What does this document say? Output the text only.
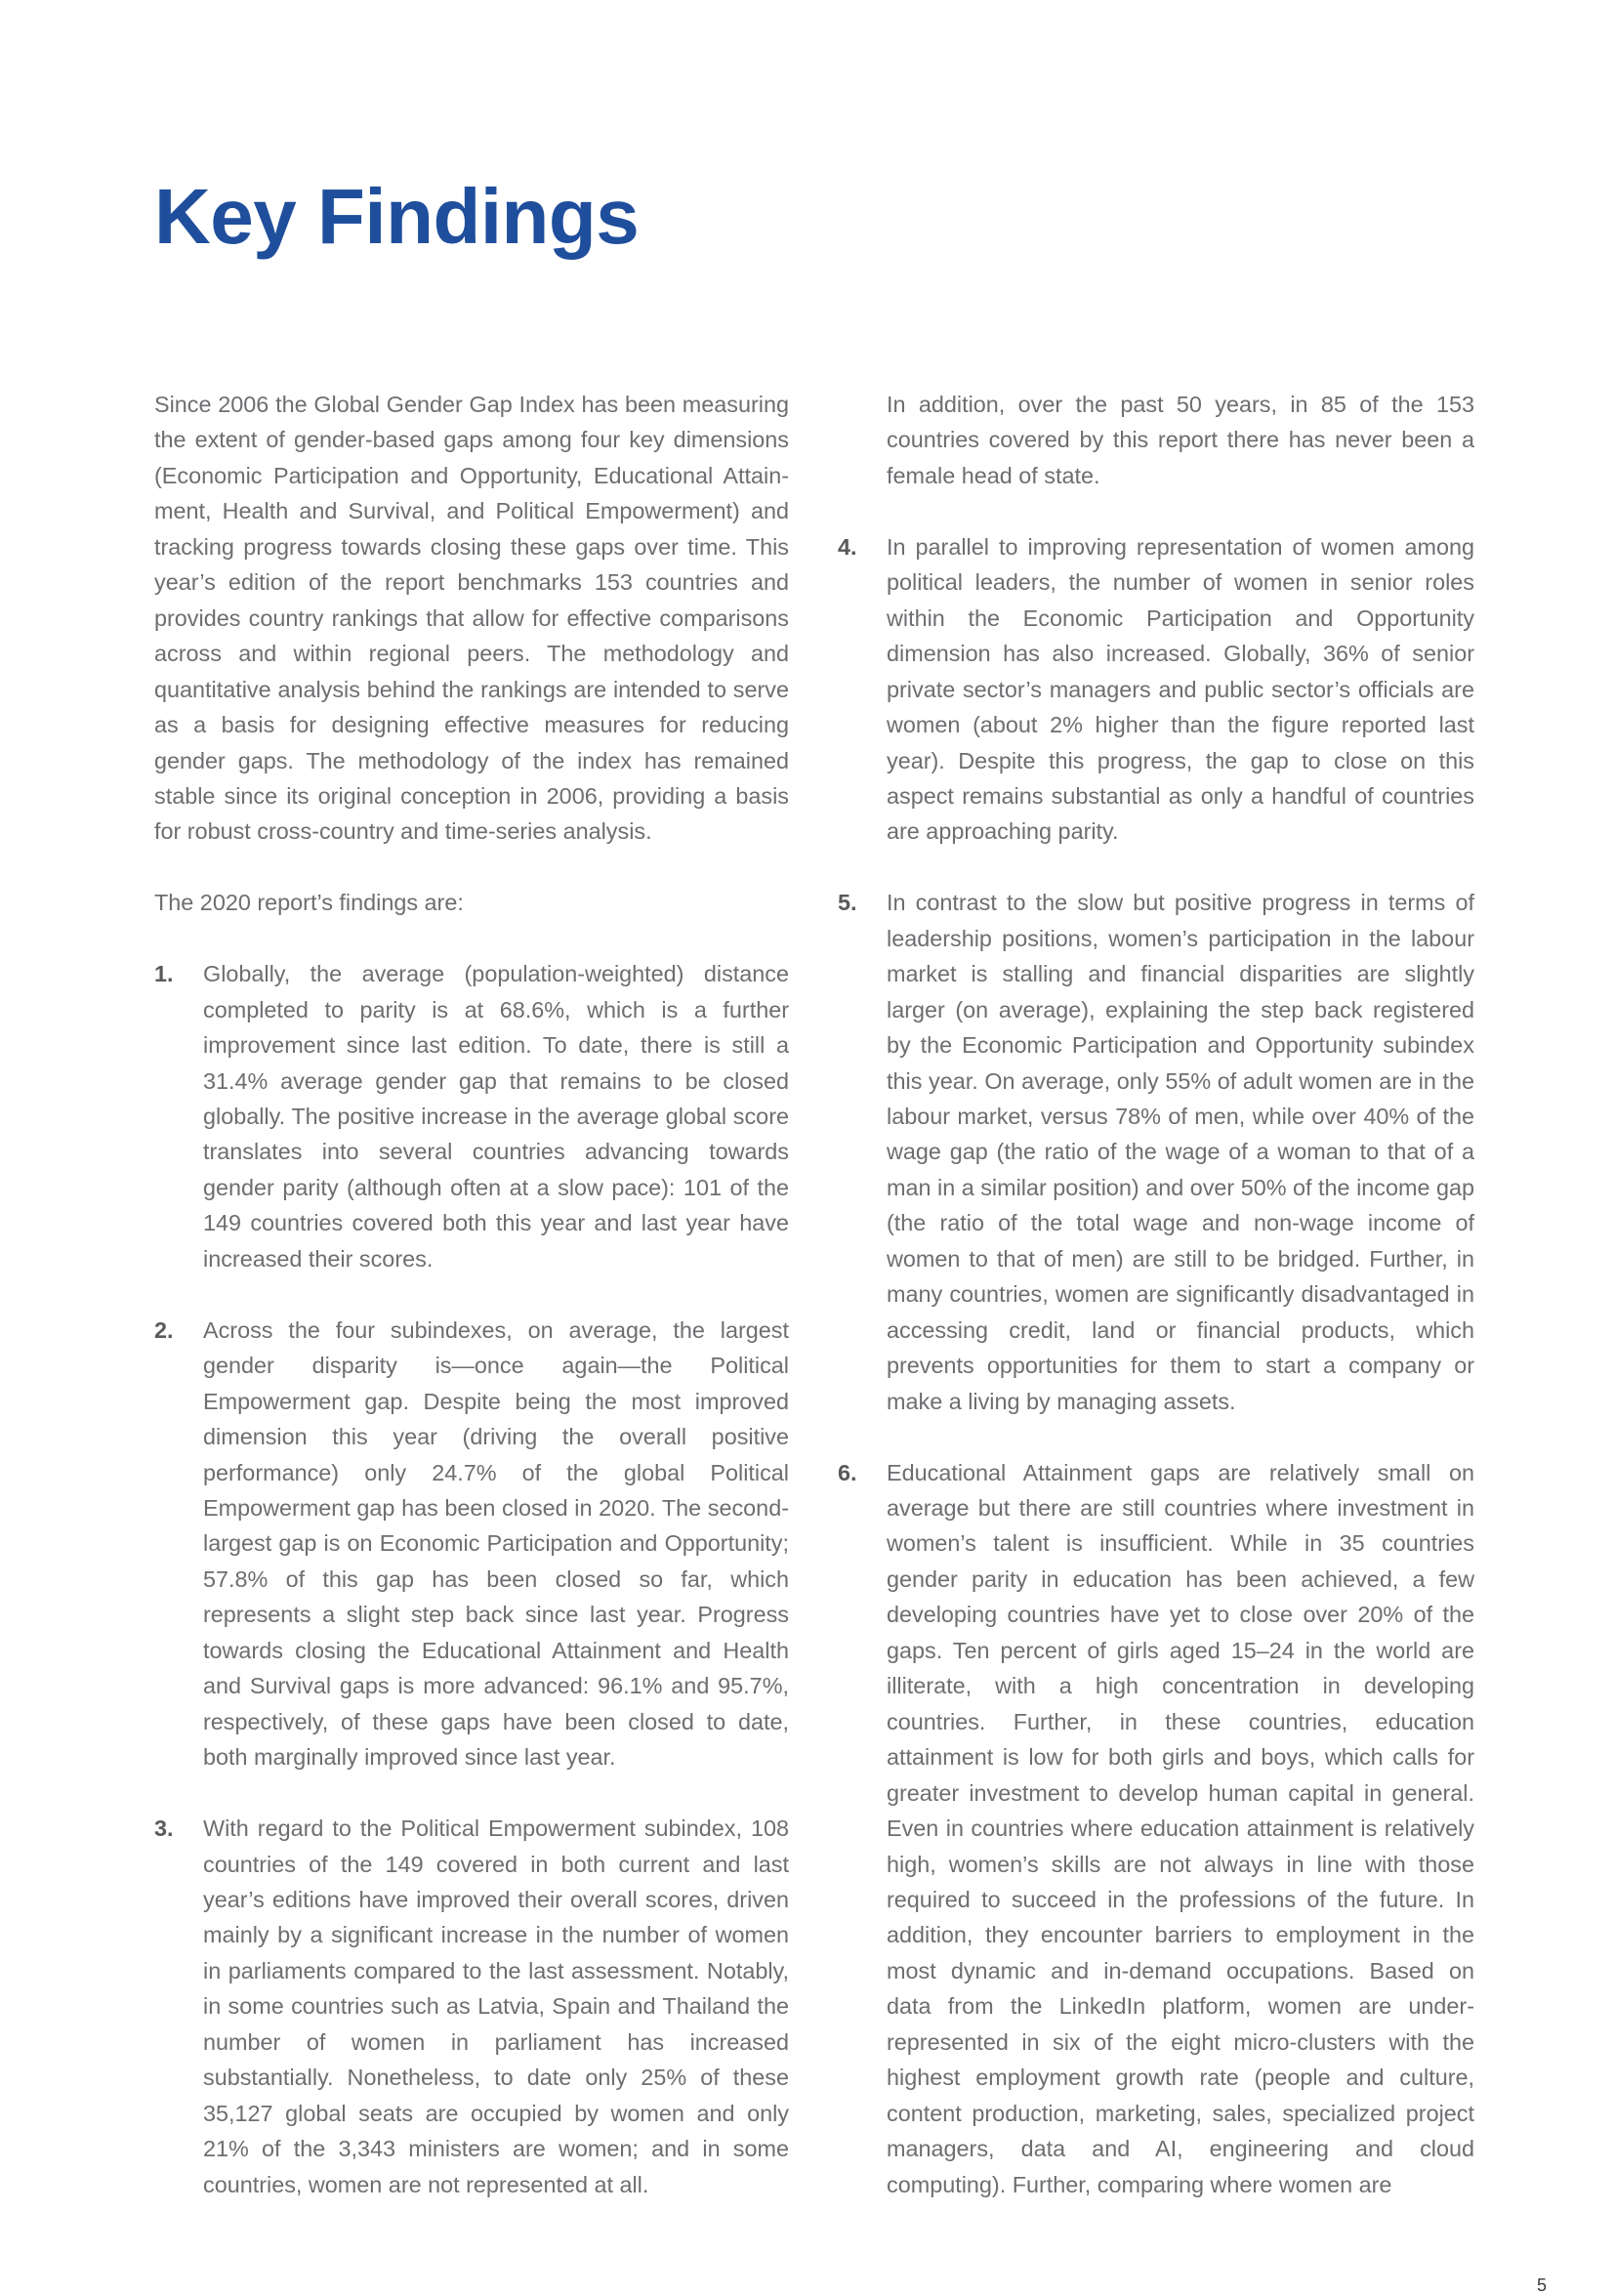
Key Findings

Since 2006 the Global Gender Gap Index has been measuring the extent of gender-based gaps among four key dimensions (Economic Participation and Opportunity, Educational Attainment, Health and Survival, and Political Empowerment) and tracking progress towards closing these gaps over time. This year’s edition of the report benchmarks 153 countries and provides country rankings that allow for effective comparisons across and within regional peers. The methodology and quantitative analysis behind the rankings are intended to serve as a basis for designing effective measures for reducing gender gaps. The methodology of the index has remained stable since its original conception in 2006, providing a basis for robust cross-country and time-series analysis.

The 2020 report’s findings are:

1. Globally, the average (population-weighted) distance completed to parity is at 68.6%, which is a further improvement since last edition. To date, there is still a 31.4% average gender gap that remains to be closed globally. The positive increase in the average global score translates into several countries advancing towards gender parity (although often at a slow pace): 101 of the 149 countries covered both this year and last year have increased their scores.

2. Across the four subindexes, on average, the largest gender disparity is—once again—the Political Empowerment gap. Despite being the most improved dimension this year (driving the overall positive performance) only 24.7% of the global Political Empowerment gap has been closed in 2020. The second-largest gap is on Economic Participation and Opportunity; 57.8% of this gap has been closed so far, which represents a slight step back since last year. Progress towards closing the Educational Attainment and Health and Survival gaps is more advanced: 96.1% and 95.7%, respectively, of these gaps have been closed to date, both marginally improved since last year.

3. With regard to the Political Empowerment subindex, 108 countries of the 149 covered in both current and last year’s editions have improved their overall scores, driven mainly by a significant increase in the number of women in parliaments compared to the last assessment. Notably, in some countries such as Latvia, Spain and Thailand the number of women in parliament has increased substantially. Nonetheless, to date only 25% of these 35,127 global seats are occupied by women and only 21% of the 3,343 ministers are women; and in some countries, women are not represented at all.

In addition, over the past 50 years, in 85 of the 153 countries covered by this report there has never been a female head of state.

4. In parallel to improving representation of women among political leaders, the number of women in senior roles within the Economic Participation and Opportunity dimension has also increased. Globally, 36% of senior private sector’s managers and public sector’s officials are women (about 2% higher than the figure reported last year). Despite this progress, the gap to close on this aspect remains substantial as only a handful of countries are approaching parity.

5. In contrast to the slow but positive progress in terms of leadership positions, women’s participation in the labour market is stalling and financial disparities are slightly larger (on average), explaining the step back registered by the Economic Participation and Opportunity subindex this year. On average, only 55% of adult women are in the labour market, versus 78% of men, while over 40% of the wage gap (the ratio of the wage of a woman to that of a man in a similar position) and over 50% of the income gap (the ratio of the total wage and non-wage income of women to that of men) are still to be bridged. Further, in many countries, women are significantly disadvantaged in accessing credit, land or financial products, which prevents opportunities for them to start a company or make a living by managing assets.

6. Educational Attainment gaps are relatively small on average but there are still countries where investment in women’s talent is insufficient. While in 35 countries gender parity in education has been achieved, a few developing countries have yet to close over 20% of the gaps. Ten percent of girls aged 15–24 in the world are illiterate, with a high concentration in developing countries. Further, in these countries, education attainment is low for both girls and boys, which calls for greater investment to develop human capital in general. Even in countries where education attainment is relatively high, women’s skills are not always in line with those required to succeed in the professions of the future. In addition, they encounter barriers to employment in the most dynamic and in-demand occupations. Based on data from the LinkedIn platform, women are under-represented in six of the eight micro-clusters with the highest employment growth rate (people and culture, content production, marketing, sales, specialized project managers, data and AI, engineering and cloud computing). Further, comparing where women are

5
